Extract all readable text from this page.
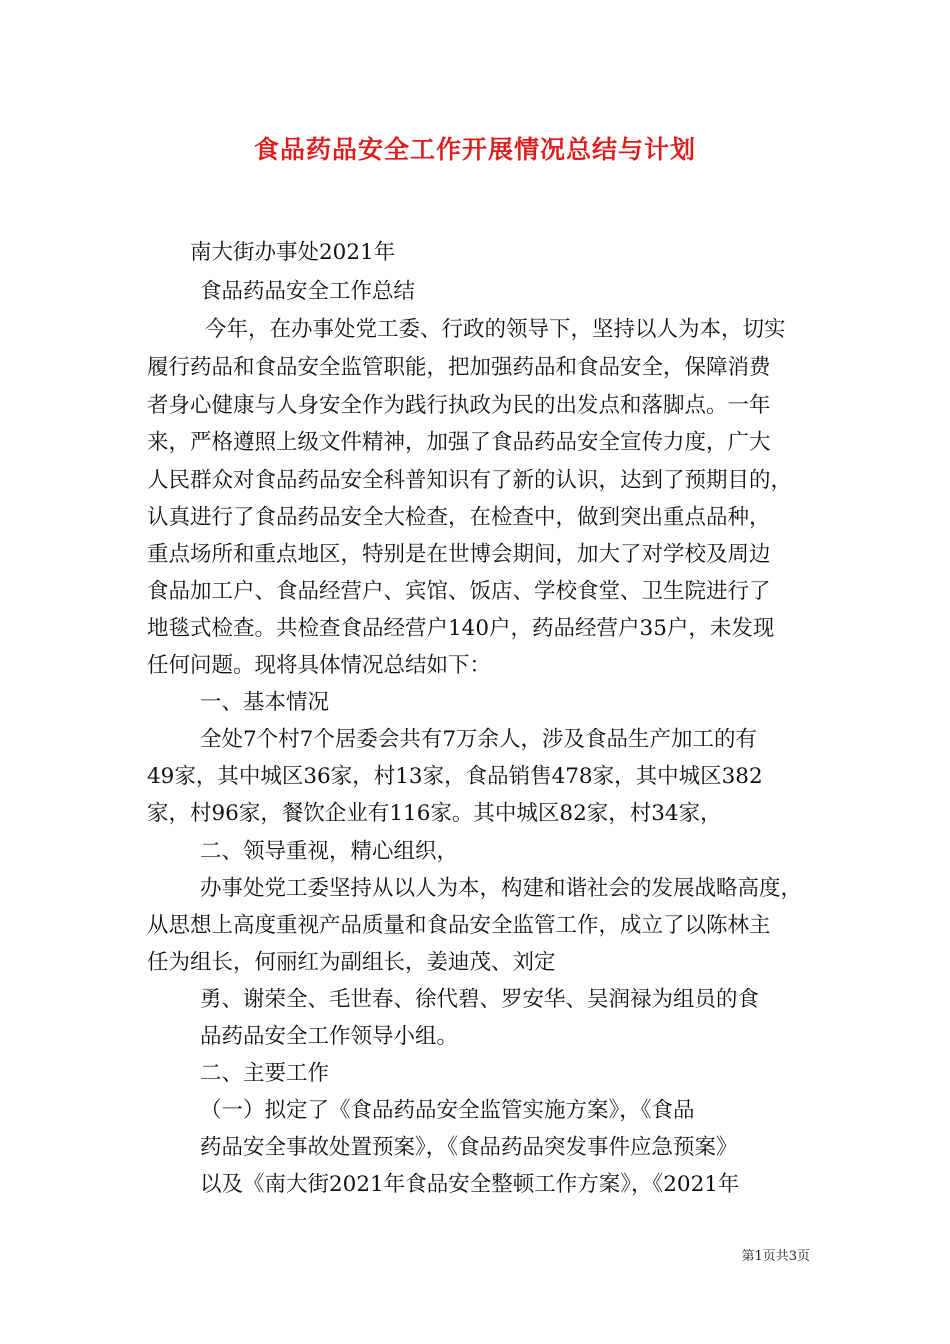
食品药品安全工作开展情况总结与计划
南大街办事处2021年
食品药品安全工作总结
今年，在办事处党工委、行政的领导下，坚持以人为本，切实
履行药品和食品安全监管职能，把加强药品和食品安全，保障消费
者身心健康与人身安全作为践行执政为民的出发点和落脚点。一年
来，严格遵照上级文件精神，加强了食品药品安全宣传力度，广大
人民群众对食品药品安全科普知识有了新的认识，达到了预期目的，
认真进行了食品药品安全大检查，在检查中，做到突出重点品种，
重点场所和重点地区，特别是在世博会期间，加大了对学校及周边
食品加工户、食品经营户、宾馆、饭店、学校食堂、卫生院进行了
地毯式检查。共检查食品经营户140户，药品经营户35户，未发现
任何问题。现将具体情况总结如下：
一、基本情况
全处7个村7个居委会共有7万余人，涉及食品生产加工的有
49家，其中城区36家，村13家，食品销售478家，其中城区382
家，村96家，餐饮企业有116家。其中城区82家，村34家，
二、领导重视，精心组织，
办事处党工委坚持从以人为本，构建和谐社会的发展战略高度，
从思想上高度重视产品质量和食品安全监管工作，成立了以陈林主
任为组长，何丽红为副组长，姜迪茂、刘定
勇、谢荣全、毛世春、徐代碧、罗安华、吴润禄为组员的食
品药品安全工作领导小组。
二、主要工作
（一）拟定了《食品药品安全监管实施方案》，《食品
药品安全事故处置预案》，《食品药品突发事件应急预案》
以及《南大街2021年食品安全整顿工作方案》，《2021年
第1页共3页
